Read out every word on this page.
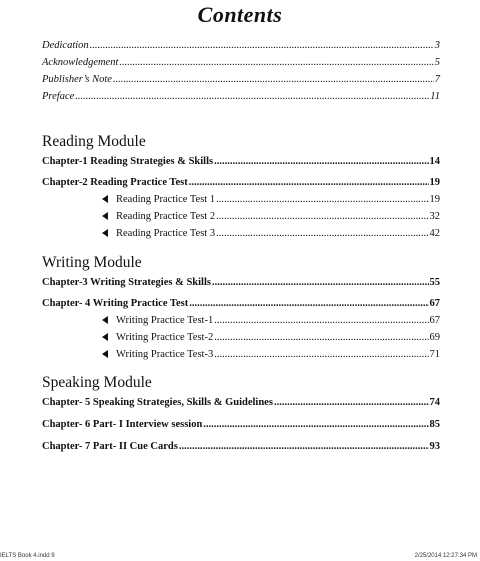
Contents
Dedication .....	3
Acknowledgement .....	5
Publisher’s Note .....	7
Preface .....	11
Reading Module
Chapter-1 Reading Strategies & Skills .....	14
Chapter-2 Reading Practice Test .....	19
Reading Practice Test 1 .....	19
Reading Practice Test 2 .....	32
Reading Practice Test 3 .....	42
Writing Module
Chapter-3 Writing Strategies & Skills .....	55
Chapter- 4 Writing Practice Test .....	67
Writing Practice Test-1 .....	67
Writing Practice Test-2 .....	69
Writing Practice Test-3 .....	71
Speaking Module
Chapter- 5 Speaking Strategies, Skills & Guidelines .....	74
Chapter- 6 Part- I Interview session .....	85
Chapter- 7 Part- II Cue Cards .....	93
IELTS Book 4.indd 9	2/25/2014 12:27:34 PM
